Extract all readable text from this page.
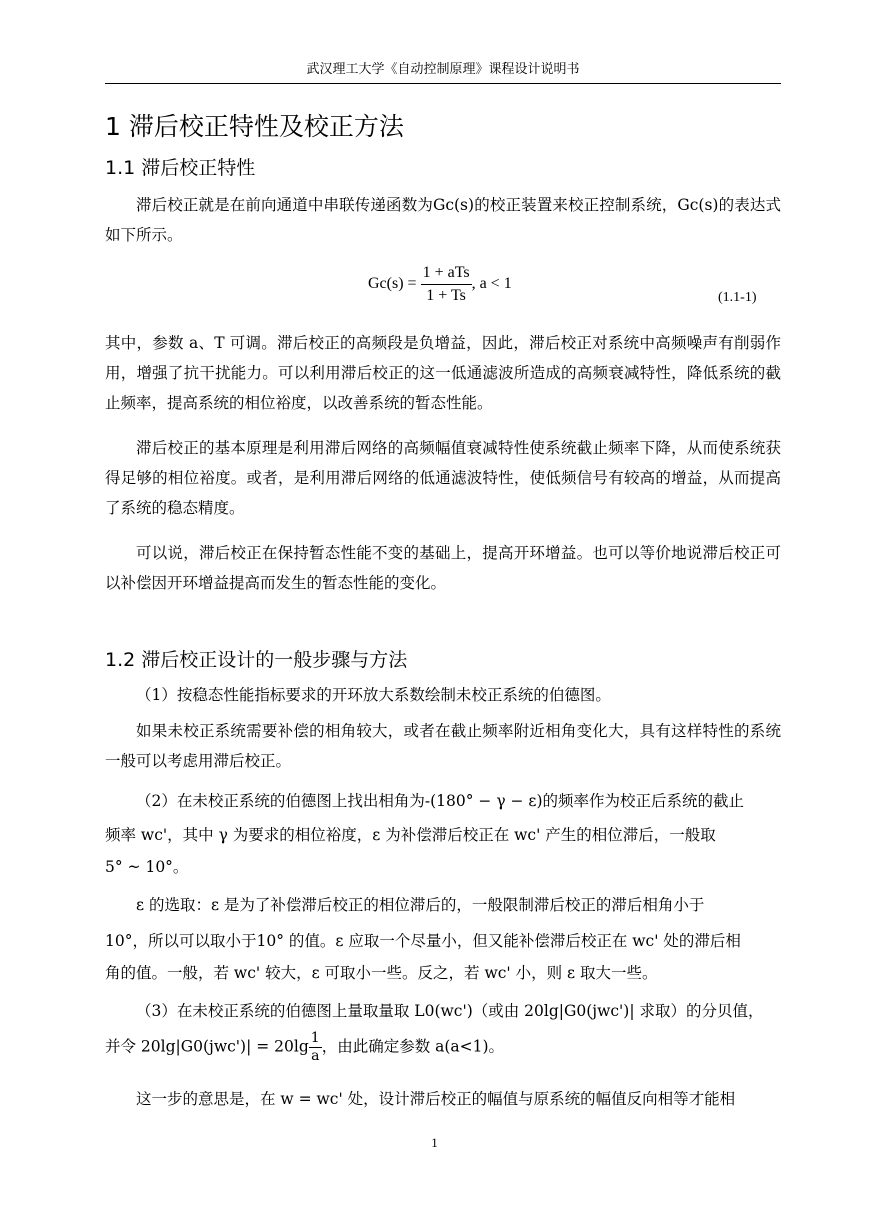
武汉理工大学《自动控制原理》课程设计说明书
1 滞后校正特性及校正方法
1.1 滞后校正特性
滞后校正就是在前向通道中串联传递函数为Gc(s)的校正装置来校正控制系统，Gc(s)的表达式如下所示。
$Gc(s) = \frac{\text{1 + aTs}}{1 + Ts}$ , a < 1
(1.1-1)
其中，参数 a、T 可调。滞后校正的高频段是负增益，因此，滞后校正对系统中高频噪声有削弱作用，增强了抗干扰能力。可以利用滞后校正的这一低通滤波所造成的高频衰减特性，降低系统的截止频率，提高系统的相位裕度，以改善系统的暂态性能。
滞后校正的基本原理是利用滞后网络的高频幅值衰减特性使系统截止频率下降，从而使系统获得足够的相位裕度。或者，是利用滞后网络的低通滤波特性，使低频信号有较高的增益，从而提高了系统的稳态精度。
可以说，滞后校正在保持暂态性能不变的基础上，提高开环增益。也可以等价地说滞后校正可以补偿因开环增益提高而发生的暂态性能的变化。
1.2 滞后校正设计的一般步骤与方法
（1）按稳态性能指标要求的开环放大系数绘制未校正系统的伯德图。
如果未校正系统需要补偿的相角较大，或者在截止频率附近相角变化大，具有这样特性的系统一般可以考虑用滞后校正。
（2）在未校正系统的伯德图上找出相角为-(180° − γ − ε)的频率作为校正后系统的截止
频率 wc'，其中 γ 为要求的相位裕度，ε 为补偿滞后校正在 wc' 产生的相位滞后，一般取
5° ~ 10°。
ε 的选取：ε 是为了补偿滞后校正的相位滞后的，一般限制滞后校正的滞后相角小于
10°，所以可以取小于10° 的值。ε 应取一个尽量小，但又能补偿滞后校正在 wc' 处的滞后相
角的值。一般，若 wc' 较大，ε 可取小一些。反之，若 wc' 小，则 ε 取大一些。
（3）在未校正系统的伯德图上量取量取 L0(wc')（或由 20lg|G0(jwc')| 求取）的分贝值，
并令 $20\lg|G0(jwc')| = 20\lg \frac{1}{a}$ ，由此确定参数 a(a<1)。
这一步的意思是，在 w = wc' 处，设计滞后校正的幅值与原系统的幅值反向相等才能相
1
